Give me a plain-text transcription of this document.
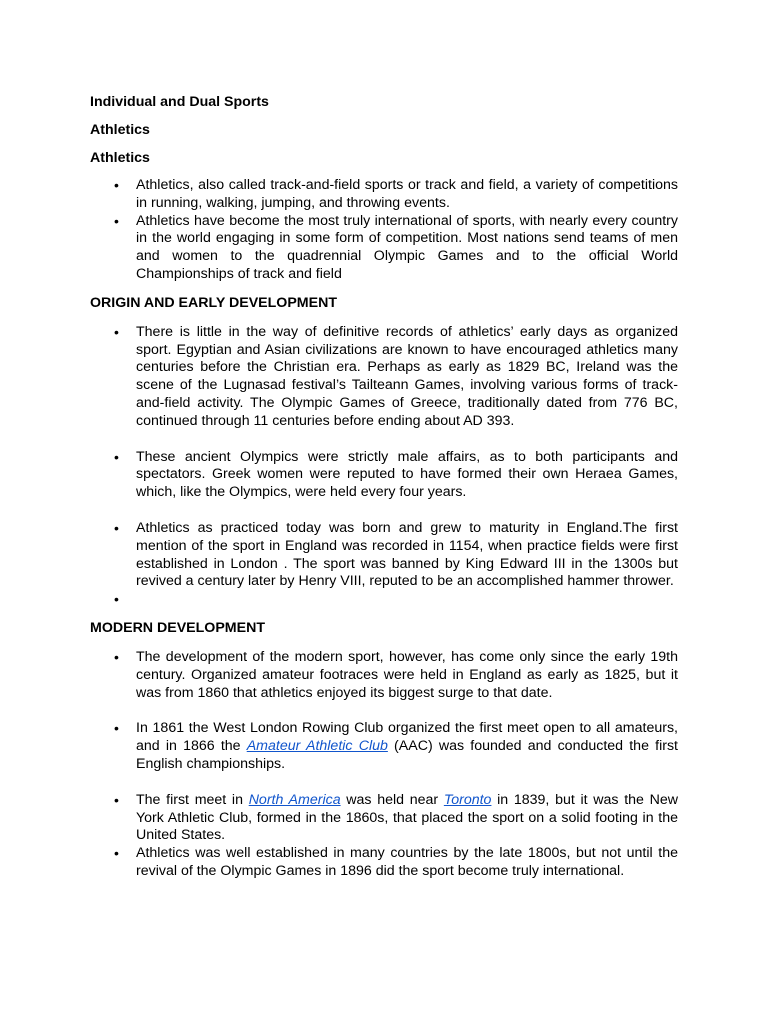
Individual and Dual Sports

Athletics

Athletics

• Athletics, also called track-and-field sports or track and field, a variety of competitions in running, walking, jumping, and throwing events.
• Athletics have become the most truly international of sports, with nearly every country in the world engaging in some form of competition. Most nations send teams of men and women to the quadrennial Olympic Games and to the official World Championships of track and field

ORIGIN AND EARLY DEVELOPMENT

• There is little in the way of definitive records of athletics’ early days as organized sport. Egyptian and Asian civilizations are known to have encouraged athletics many centuries before the Christian era. Perhaps as early as 1829 BC, Ireland was the scene of the Lugnasad festival’s Tailteann Games, involving various forms of track-and-field activity. The Olympic Games of Greece, traditionally dated from 776 BC, continued through 11 centuries before ending about AD 393.
• These ancient Olympics were strictly male affairs, as to both participants and spectators. Greek women were reputed to have formed their own Heraea Games, which, like the Olympics, were held every four years.
• Athletics as practiced today was born and grew to maturity in England.The first mention of the sport in England was recorded in 1154, when practice fields were first established in London . The sport was banned by King Edward III in the 1300s but revived a century later by Henry VIII, reputed to be an accomplished hammer thrower.
•

MODERN DEVELOPMENT

• The development of the modern sport, however, has come only since the early 19th century. Organized amateur footraces were held in England as early as 1825, but it was from 1860 that athletics enjoyed its biggest surge to that date.
• In 1861 the West London Rowing Club organized the first meet open to all amateurs, and in 1866 the Amateur Athletic Club (AAC) was founded and conducted the first English championships.
• The first meet in North America was held near Toronto in 1839, but it was the New York Athletic Club, formed in the 1860s, that placed the sport on a solid footing in the United States.
• Athletics was well established in many countries by the late 1800s, but not until the revival of the Olympic Games in 1896 did the sport become truly international.
